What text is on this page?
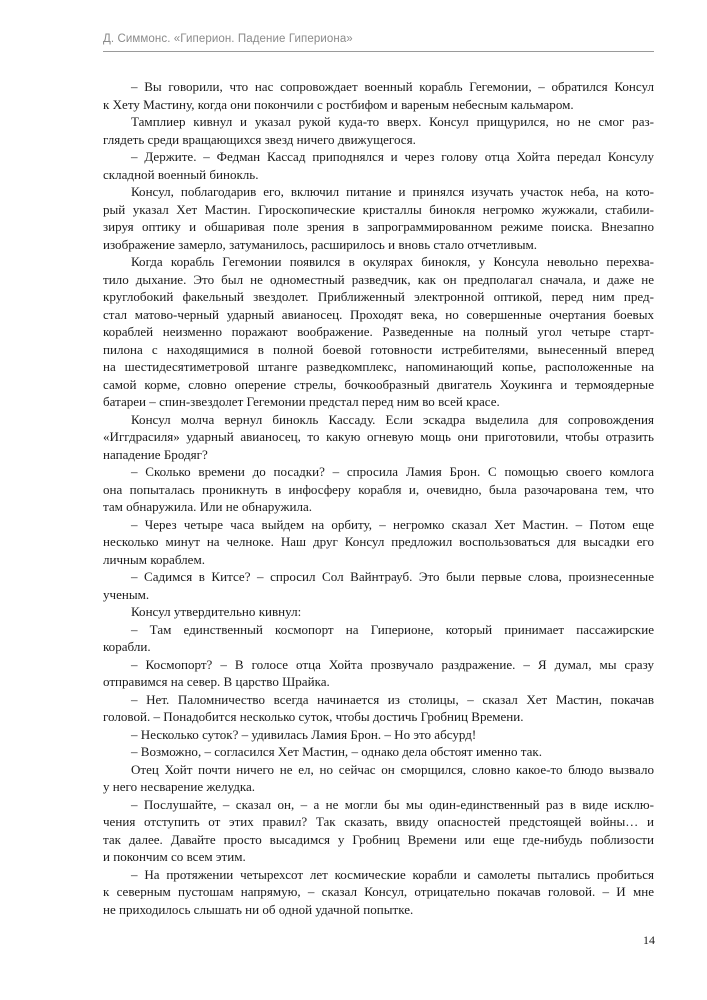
Д. Симмонс. «Гиперион. Падение Гипериона»

– Вы говорили, что нас сопровождает военный корабль Гегемонии, – обратился Консул

к Хету Мастину, когда они покончили с ростбифом и вареным небесным кальмаром.

Тамплиер кивнул и указал рукой куда-то вверх. Консул прищурился, но не смог раз-

глядеть среди вращающихся звезд ничего движущегося.

– Держите. – Федман Кассад приподнялся и через голову отца Хойта передал Консулу

складной военный бинокль.

Консул, поблагодарив его, включил питание и принялся изучать участок неба, на кото-

рый указал Хет Мастин. Гироскопические кристаллы бинокля негромко жужжали, стабили-

зируя оптику и обшаривая поле зрения в запрограммированном режиме поиска. Внезапно

изображение замерло, затуманилось, расширилось и вновь стало отчетливым.

Когда корабль Гегемонии появился в окулярах бинокля, у Консула невольно перехва-

тило дыхание. Это был не одноместный разведчик, как он предполагал сначала, и даже не

круглобокий факельный звездолет. Приближенный электронной оптикой, перед ним пред-

стал матово-черный ударный авианосец. Проходят века, но совершенные очертания боевых

кораблей неизменно поражают воображение. Разведенные на полный угол четыре старт-

пилона с находящимися в полной боевой готовности истребителями, вынесенный вперед

на шестидесятиметровой штанге разведкомплекс, напоминающий копье, расположенные на

самой корме, словно оперение стрелы, бочкообразный двигатель Хоукинга и термоядерные

батареи – спин-звездолет Гегемонии предстал перед ним во всей красе.

Консул молча вернул бинокль Кассаду. Если эскадра выделила для сопровождения

«Иггдрасиля» ударный авианосец, то какую огневую мощь они приготовили, чтобы отразить

нападение Бродяг?

– Сколько времени до посадки? – спросила Ламия Брон. С помощью своего комлога

она попыталась проникнуть в инфосферу корабля и, очевидно, была разочарована тем, что

там обнаружила. Или не обнаружила.

– Через четыре часа выйдем на орбиту, – негромко сказал Хет Мастин. – Потом еще

несколько минут на челноке. Наш друг Консул предложил воспользоваться для высадки его

личным кораблем.

– Садимся в Китсе? – спросил Сол Вайнтрауб. Это были первые слова, произнесенные

ученым.

Консул утвердительно кивнул:

– Там единственный космопорт на Гиперионе, который принимает пассажирские

корабли.

– Космопорт? – В голосе отца Хойта прозвучало раздражение. – Я думал, мы сразу

отправимся на север. В царство Шрайка.

– Нет. Паломничество всегда начинается из столицы, – сказал Хет Мастин, покачав

головой. – Понадобится несколько суток, чтобы достичь Гробниц Времени.

– Несколько суток? – удивилась Ламия Брон. – Но это абсурд!

– Возможно, – согласился Хет Мастин, – однако дела обстоят именно так.

Отец Хойт почти ничего не ел, но сейчас он сморщился, словно какое-то блюдо вызвало

у него несварение желудка.

– Послушайте, – сказал он, – а не могли бы мы один-единственный раз в виде исклю-

чения отступить от этих правил? Так сказать, ввиду опасностей предстоящей войны… и

так далее. Давайте просто высадимся у Гробниц Времени или еще где-нибудь поблизости

и покончим со всем этим.

– На протяжении четырехсот лет космические корабли и самолеты пытались пробиться

к северным пустошам напрямую, – сказал Консул, отрицательно покачав головой. – И мне

не приходилось слышать ни об одной удачной попытке.

14
